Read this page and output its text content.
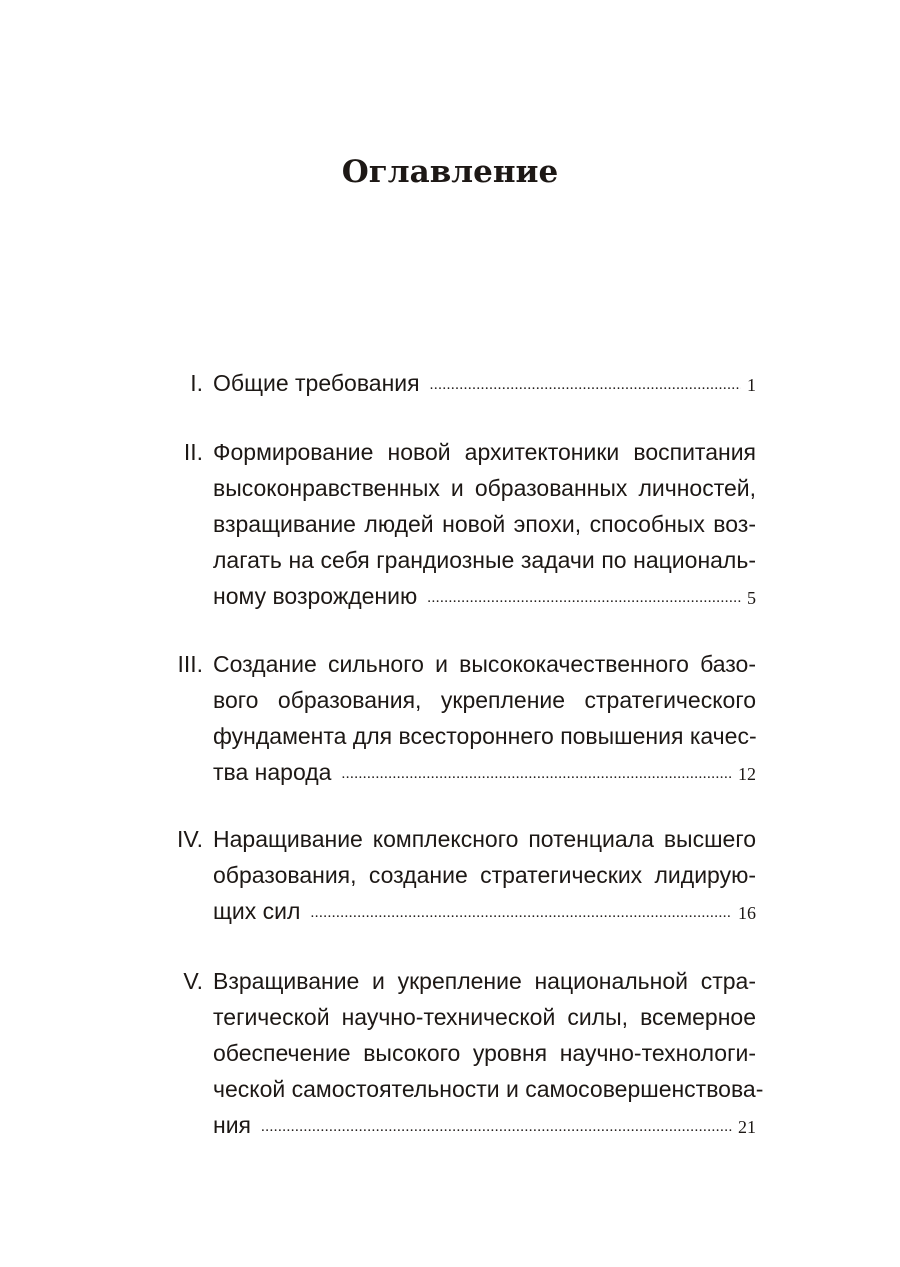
Оглавление
I. Общие требования .....	1
II. Формирование новой архитектоники воспитания
высоконравственных и образованных личностей,
взращивание людей новой эпохи, способных воз-
лагать на себя грандиозные задачи по националь-
ному возрождению .....	5
III. Создание сильного и высококачественного базо-
вого образования, укрепление стратегического
фундамента для всестороннего повышения качес-
тва народа .....	12
IV. Наращивание комплексного потенциала высшего
образования, создание стратегических лидирую-
щих сил .....	16
V. Взращивание и укрепление национальной стра-
тегической научно-технической силы, всемерное
обеспечение высокого уровня научно-технологи-
ческой самостоятельности и самосовершенствова-
ния .....	21
